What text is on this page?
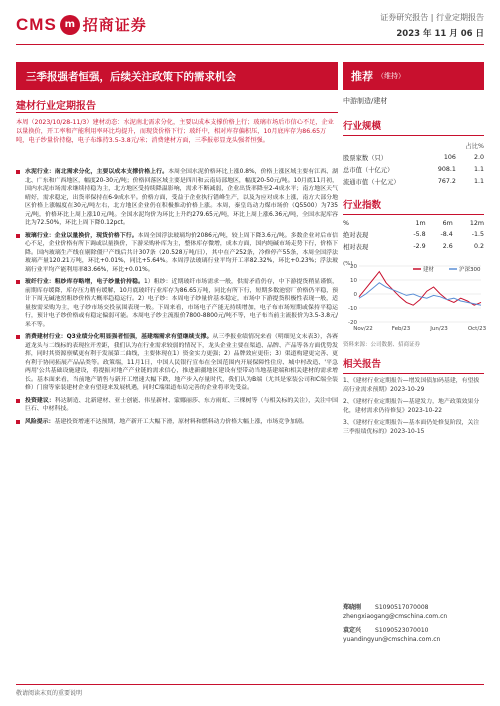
CMS m 招商证券	证券研究报告 | 行业定期报告
2023 年 11 月 06 日
三季报强者恒强，后续关注政策下的需求机会	推荐 （维持）
建材行业定期报告
本周（2023/10/28-11/3）建材动态：水泥南北需求分化，主要以成本支撑价格上行；玻璃市场后市信心不足，企业以量换价，开工率和产能利用率环比均提升，而现货价格下行；玻纤中，相对库存偏积压，10月底库存为86.65万吨，电子纱量价持稳，电子布维持3.5-3.8元/米；消费建材方面，三季报彰显龙头强者恒强。
水泥行业：南北需求分化，主要以成本支撑价格上行。本周全国水泥价格环比上涨0.8%，价格上涨区域主要有江西、湖北、广东和广西地区，幅度20-30元/吨；价格回落区域主要是四川和云南局部地区，幅度20-50元/吨。10月底11月初，国内水泥市场需求继续持稳为主，北方地区受持续降温影响，需求不断减弱，企业出货率降至2-4成水平；南方地区天气晴好，需求稳定，出货率保持在6-9成水平。价格方面，受益于企业执行错峰生产，以及为应对成本上涨，南方大部分地区价格上涨幅度在30元/吨左右，北方地区企业仍在积极推动价格上涨。本周，秦皇岛动力煤市场价（Q5500）为735元/吨，价格环比上周上涨10元/吨。全国水泥均价为环比上升约279.65元/吨，环比上周上涨6.36元/吨，全国水泥库容比为72.50%，环比上周下降0.12pct。
玻璃行业：企业以量换价，现货价格下行。本周全国浮法玻璃均价2086元/吨，较上周下降3.6元/吨。多数企业对后市信心不足，企业价格有所下调或以量换价，下游采购补库为主，整体库存微增，成本方面，国内纯碱市场走势下行，价格下降。国内玻璃生产线在剔除僵尸产线后共计307条（20.528万吨/日），其中在产252条，冷修停产55条，本周全国浮法玻璃产量120.21万吨，环比+0.01%，同比+5.64%。本周浮法玻璃行业平均开工率82.32%，环比+0.23%；浮法玻璃行业平均产能利用率83.66%，环比+0.01%。
玻纤行业：粗纱库存略增，电子纱量价持稳。1）粗纱：近期玻纤市场需求一般，供需矛盾仍存，中下游提货稍显谨慎，前期库存缓降，库存压力稍有缓解，10月底玻纤行业库存为86.65万吨，同比有所下行，短期多数池窑厂价格仍平稳，预计下周无碱池窑粗纱价格大概率趋稳运行。2）电子纱：本周电子纱量价基本稳定，市场中下游提货积极性表现一般，适量按需采购为主，电子纱市场交投氛围表现一般。下周来看，市场电子产能无持续增加，电子布市场短期或保持平稳运行，预计电子纱价格或有稳定偏弱可能。本周电子纱主流报价7800-8800元/吨不等，电子布当前主流报价为3.5-3.8元/米不等。
消费建材行业：Q3业绩分化明显强者恒强，基建端需求有望继续支撑。从三季报业绩情况来看（明细见文末表3），各赛道龙头与二线标的表现拉开差距，我们认为在行业需求较弱的情况下，龙头企业主要在渠道、品牌、产品等各方面优势发挥，同时其资源禀赋更有利于发展第二曲线，主要体现在1）资金实力更强；2）品牌效应更佳；3）渠道构建更完善、更有利于协同拓展产品品类等。政策端，11月1日，中国人民银行宣布在全国范围内开展保障性住房、城中村改造、'平急两用'公共基础设施建设，将提振对地产产业链的需求信心，推进新疆地区建设有望带动当地基建端和相关建材的需求增长。基本面来看，当前地产销售与新开工增速大幅下跌，地产步入存量时代，我们认为B端（尤其是家装公司和C端全装修）门窗等家装建材企业有望迎来发展机遇，同时C端渠道布局完善的企业将率先受益。
投资建议：科达制造、北新建材、亚士创能、伟星新材、蒙娜丽莎、东方雨虹、三棵树等（与相关标的关注），关注中国巨石、中材科技。
风险提示：基建投资增速不达预期，地产新开工大幅下滑，原材料和燃料动力价格大幅上涨，市场竞争加剧。
中游制造/建材
行业规模
		占比%
股票家数（只）	106	2.0
总市值（十亿元）	908.1	1.1
流通市值（十亿元）	767.2	1.1
行业指数
%	1m	6m	12m
绝对表现	-5.8	-8.4	-1.5
相对表现	-2.9	2.6	0.2
(%)
20
10
0
-10
-20
Nov/22	Feb/23	Jun/23	Oct/23
建材	沪深300
资料来源：公司数据、招商证券
相关报告
1、《建材行业定期报告—增发国债加码基建，有望拔高行业需求预期》2023-10-29
2、《建材行业定期报告—基建发力，地产政策效果分化，建材需求仍待修复》2023-10-22
3、《建材行业定期报告—基本面仍处修复阶段，关注三季报绩优标的》2023-10-15
郑晓刚 S1090517070008
zhengxiaogang@cmschina.com.cn
袁定兴 S1090523070010
yuandingyun@cmschina.com.cn
敬请阅读末页的重要说明
